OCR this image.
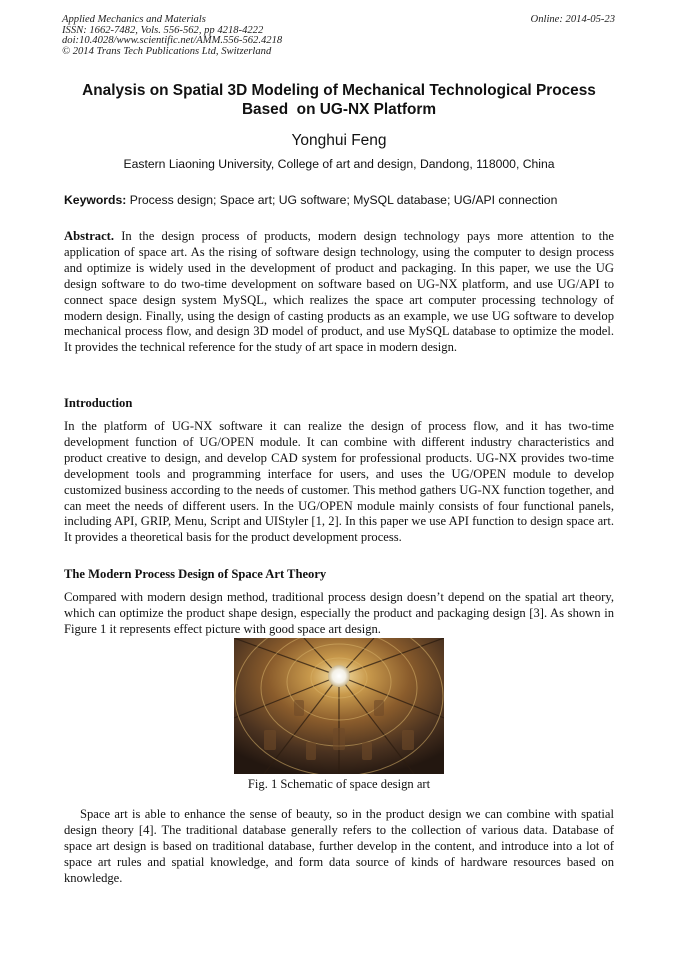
Applied Mechanics and Materials
ISSN: 1662-7482, Vols. 556-562, pp 4218-4222
doi:10.4028/www.scientific.net/AMM.556-562.4218
© 2014 Trans Tech Publications Ltd, Switzerland
Online: 2014-05-23
Analysis on Spatial 3D Modeling of Mechanical Technological Process
Based  on UG-NX Platform
Yonghui Feng
Eastern Liaoning University, College of art and design, Dandong, 118000, China
Keywords: Process design; Space art; UG software; MySQL database; UG/API connection
Abstract. In the design process of products, modern design technology pays more attention to the application of space art. As the rising of software design technology, using the computer to design process and optimize is widely used in the development of product and packaging. In this paper, we use the UG design software to do two-time development on software based on UG-NX platform, and use UG/API to connect space design system MySQL, which realizes the space art computer processing technology of modern design. Finally, using the design of casting products as an example, we use UG software to develop mechanical process flow, and design 3D model of product, and use MySQL database to optimize the model. It provides the technical reference for the study of art space in modern design.
Introduction
In the platform of UG-NX software it can realize the design of process flow, and it has two-time development function of UG/OPEN module. It can combine with different industry characteristics and product creative to design, and develop CAD system for professional products. UG-NX provides two-time development tools and programming interface for users, and uses the UG/OPEN module to develop customized business according to the needs of customer. This method gathers UG-NX function together, and can meet the needs of different users. In the UG/OPEN module mainly consists of four functional panels, including API, GRIP, Menu, Script and UIStyler [1, 2]. In this paper we use API function to design space art. It provides a theoretical basis for the product development process.
The Modern Process Design of Space Art Theory
Compared with modern design method, traditional process design doesn’t depend on the spatial art theory, which can optimize the product shape design, especially the product and packaging design [3]. As shown in Figure 1 it represents effect picture with good space art design.
Fig. 1 Schematic of space design art
Space art is able to enhance the sense of beauty, so in the product design we can combine with spatial design theory [4]. The traditional database generally refers to the collection of various data. Database of space art design is based on traditional database, further develop in the content, and introduce into a lot of space art rules and spatial knowledge, and form data source of kinds of hardware resources based on knowledge.
